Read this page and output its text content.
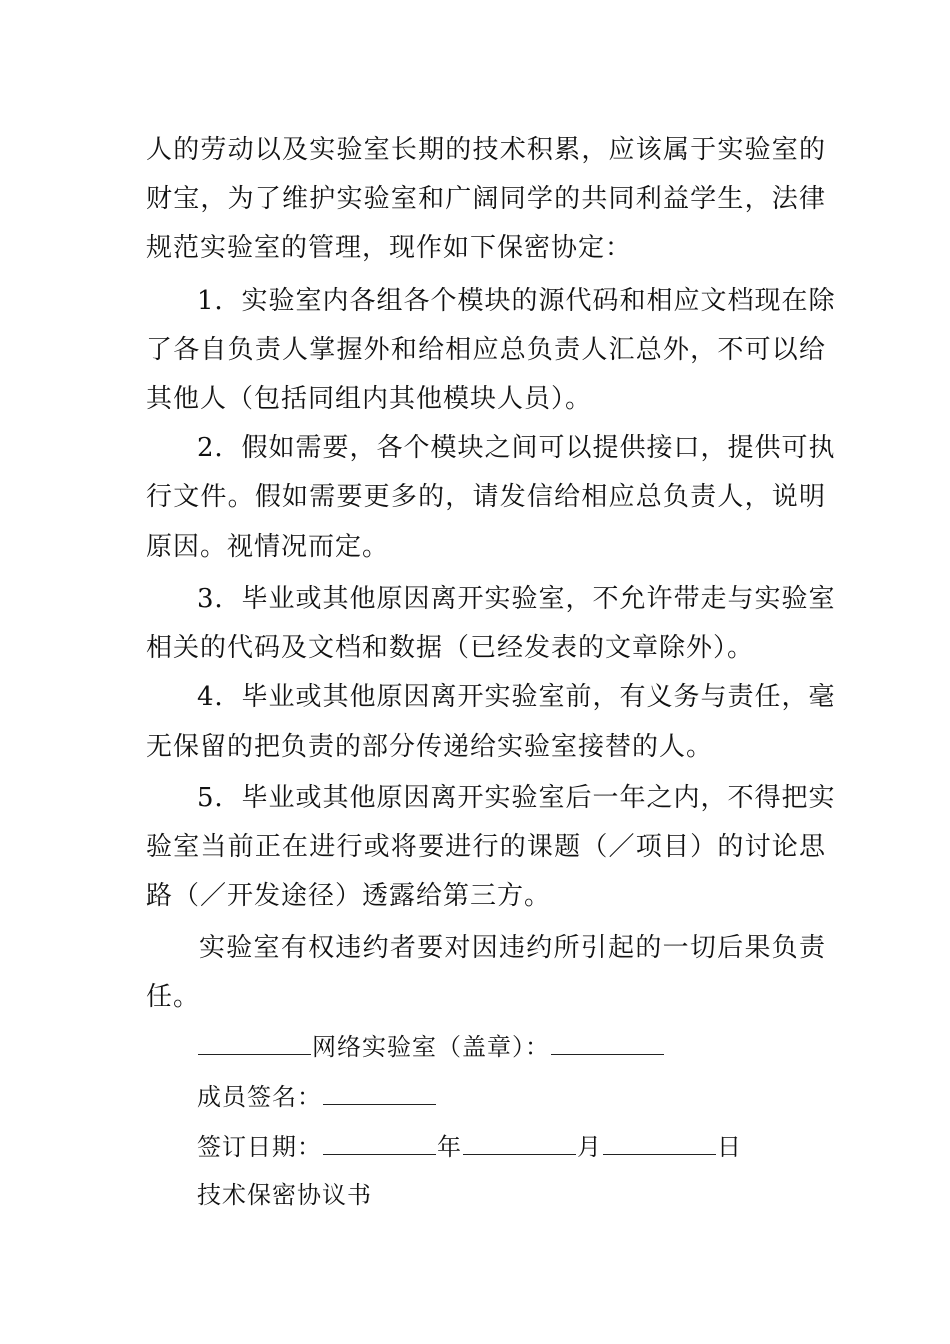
人的劳动以及实验室长期的技术积累，应该属于实验室的
财宝，为了维护实验室和广阔同学的共同利益学生，法律
规范实验室的管理，现作如下保密协定：
1．实验室内各组各个模块的源代码和相应文档现在除
了各自负责人掌握外和给相应总负责人汇总外，不可以给
其他人（包括同组内其他模块人员）。
2．假如需要，各个模块之间可以提供接口，提供可执
行文件。假如需要更多的，请发信给相应总负责人，说明
原因。视情况而定。
3．毕业或其他原因离开实验室，不允许带走与实验室
相关的代码及文档和数据（已经发表的文章除外）。
4．毕业或其他原因离开实验室前，有义务与责任，毫
无保留的把负责的部分传递给实验室接替的人。
5．毕业或其他原因离开实验室后一年之内，不得把实
验室当前正在进行或将要进行的课题（／项目）的讨论思
路（／开发途径）透露给第三方。
实验室有权违约者要对因违约所引起的一切后果负责
任。
网络实验室（盖章）：
成员签名：
签订日期：	年	月	日
技术保密协议书
